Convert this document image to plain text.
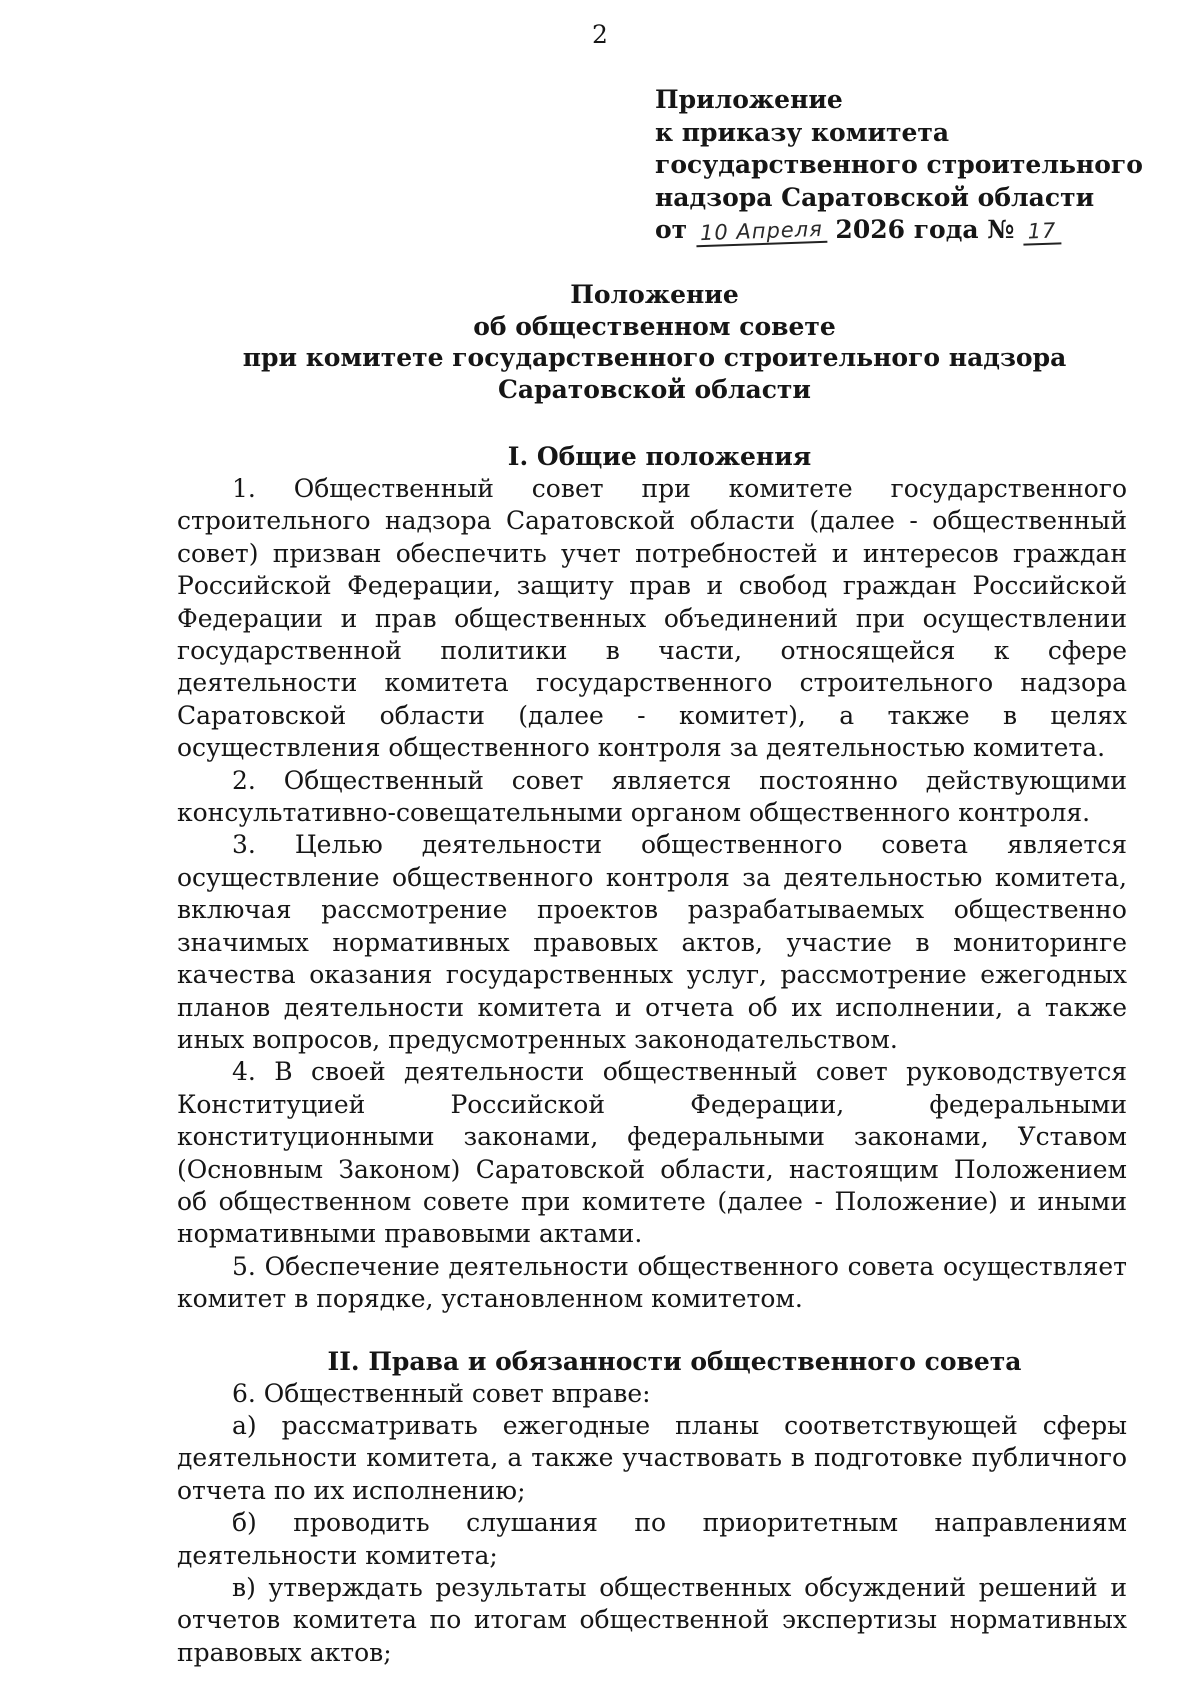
2
Приложение
к приказу комитета
государственного строительного
надзора Саратовской области
от 10 Апреля 2026 года № 17
Положение
об общественном совете
при комитете государственного строительного надзора
Саратовской области
I. Общие положения

1. Общественный совет при комитете государственного строительного надзора Саратовской области (далее - общественный совет) призван обеспечить учет потребностей и интересов граждан Российской Федерации, защиту прав и свобод граждан Российской Федерации и прав общественных объединений при осуществлении государственной политики в части, относящейся к сфере деятельности комитета государственного строительного надзора Саратовской области (далее - комитет), а также в целях осуществления общественного контроля за деятельностью комитета.

2. Общественный совет является постоянно действующими консультативно-совещательными органом общественного контроля.

3. Целью деятельности общественного совета является осуществление общественного контроля за деятельностью комитета, включая рассмотрение проектов разрабатываемых общественно значимых нормативных правовых актов, участие в мониторинге качества оказания государственных услуг, рассмотрение ежегодных планов деятельности комитета и отчета об их исполнении, а также иных вопросов, предусмотренных законодательством.

4. В своей деятельности общественный совет руководствуется Конституцией Российской Федерации, федеральными конституционными законами, федеральными законами, Уставом (Основным Законом) Саратовской области, настоящим Положением об общественном совете при комитете (далее - Положение) и иными нормативными правовыми актами.

5. Обеспечение деятельности общественного совета осуществляет комитет в порядке, установленном комитетом.

II. Права и обязанности общественного совета

6. Общественный совет вправе:

а) рассматривать ежегодные планы соответствующей сферы деятельности комитета, а также участвовать в подготовке публичного отчета по их исполнению;

б) проводить слушания по приоритетным направлениям деятельности комитета;

в) утверждать результаты общественных обсуждений решений и отчетов комитета по итогам общественной экспертизы нормативных правовых актов;
